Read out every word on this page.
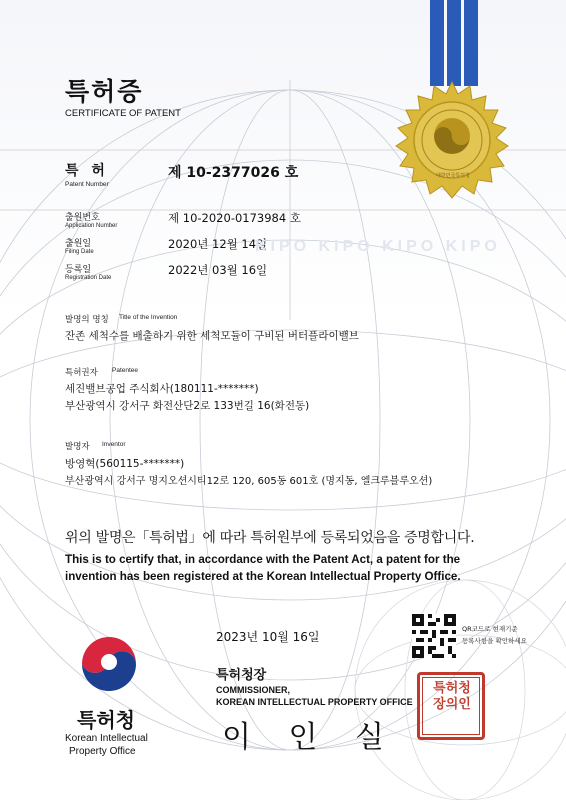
대한민국특허청
특허증
CERTIFICATE OF PATENT
특 허
Patent Number
제 10-2377026 호
출원번호
Application Number
제 10-2020-0173984 호
출원일
Filing Date
2020년 12월 14일
등록일
Registration Date
2022년 03월 16일
KIPO KIPO KIPO KIPO
발명의 명칭 Title of the Invention
잔존 세척수를 배출하기 위한 세척모듈이 구비된 버터플라이밸브
특허권자 Patentee
세진밸브공업 주식회사(180111-*******)
부산광역시 강서구 화전산단2로 133번길 16(화전동)
발명자 Inventor
방영혁(560115-*******)
부산광역시 강서구 명지오션시티12로 120, 605동 601호 (명지동, 엘크루블루오션)
위의 발명은「특허법」에 따라 특허원부에 등록되었음을 증명합니다.
This is to certify that, in accordance with the Patent Act, a patent for the
invention has been registered at the Korean Intellectual Property Office.
2023년 10월 16일
QR코드로 현재기준
등록사항을 확인하세요
특허청장
COMMISSIONER,
KOREAN INTELLECTUAL PROPERTY OFFICE
이 인 실
특허청장의인
특허청
Korean Intellectual
Property Office
